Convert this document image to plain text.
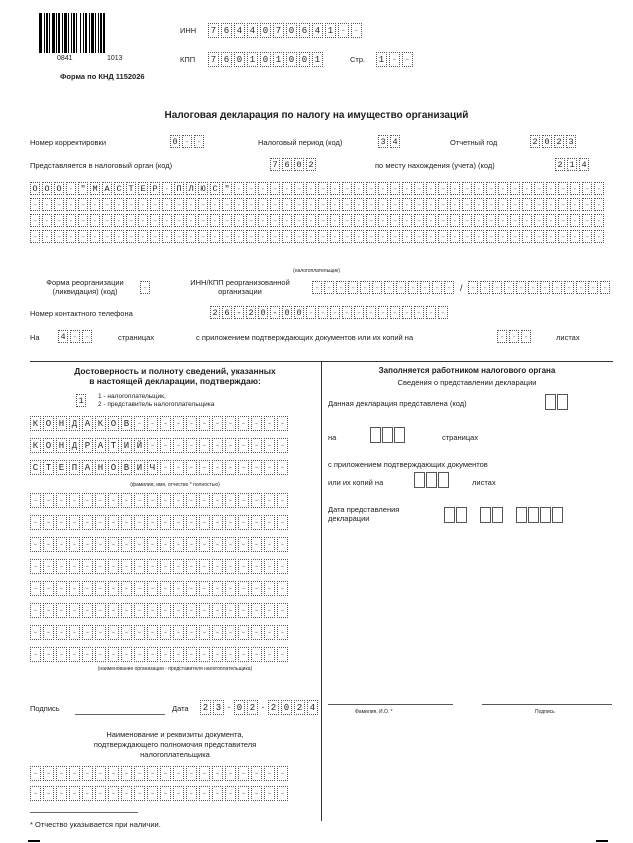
0841	1013
Форма по КНД 1152026
ИНН	7 6 4 4 0 7 0 6 4 1 - -
КПП	7 6 0 1 0 1 0 0 1	Стр.	1 - -
Налоговая декларация по налогу на имущество организаций
Номер корректировки	0 - -	Налоговый период (код)	3 4	Отчетный год	2 0 2 3
Представляется в налоговый орган (код)	7 6 0 2	по месту нахождения (учета) (код)	2 1 4
О О О - " М А С Т Е Р - П Л Ю С " - - - - - - - - - - - - - - - - - - - - - - - - - - - - - - -
- - - - - - - - - - - - - - - - - - - - - - - - - - - - - - - - - - - - - - - - - - - - - - - -
- - - - - - - - - - - - - - - - - - - - - - - - - - - - - - - - - - - - - - - - - - - - - - - -
- - - - - - - - - - - - - - - - - - - - - - - - - - - - - - - - - - - - - - - - - - - - - - - -
(налогоплательщик)
Форма реорганизации
(ликвидация) (код)	-
ИНН/КПП реорганизованной
организации	- - - - - - - - - - - - / - - - - - - - - - - - -
Номер контактного телефона	2 6 - 2 0 - 0 0 - - - - - - - - - - - -
На 4 - -	страницах	с приложением подтверждающих документов или их копий на	- - -	листах
Достоверность и полноту сведений, указанных
в настоящей декларации, подтверждаю:
1	1 - налогоплательщик,
2 - представитель налогоплательщика
К О Н Д А К О В - - - - - - - - - - - -
К О Н Д Р А Т И Й - - - - - - - - - - -
С Т Е П А Н О В И Ч - - - - - - - - - -
(фамилия, имя, отчество * полностью)
- - - - - - - - - - - - - - - - - - - -
- - - - - - - - - - - - - - - - - - - -
- - - - - - - - - - - - - - - - - - - -
- - - - - - - - - - - - - - - - - - - -
- - - - - - - - - - - - - - - - - - - -
- - - - - - - - - - - - - - - - - - - -
- - - - - - - - - - - - - - - - - - - -
- - - - - - - - - - - - - - - - - - - -
(наименование организации - представителя налогоплательщика)
Подпись	Дата	2 3 . 0 2 . 2 0 2 4
Наименование и реквизиты документа,
подтверждающего полномочия представителя
налогоплательщика
- - - - - - - - - - - - - - - - - - - -
- - - - - - - - - - - - - - - - - - - -
Заполняется работником налогового органа
Сведения о представлении декларации
Данная декларация представлена (код)
на	страницах
с приложением подтверждающих документов
или их копий на	листах
Дата представления
декларации
Фамилия, И.О. *	Подпись
* Отчество указывается при наличии.
